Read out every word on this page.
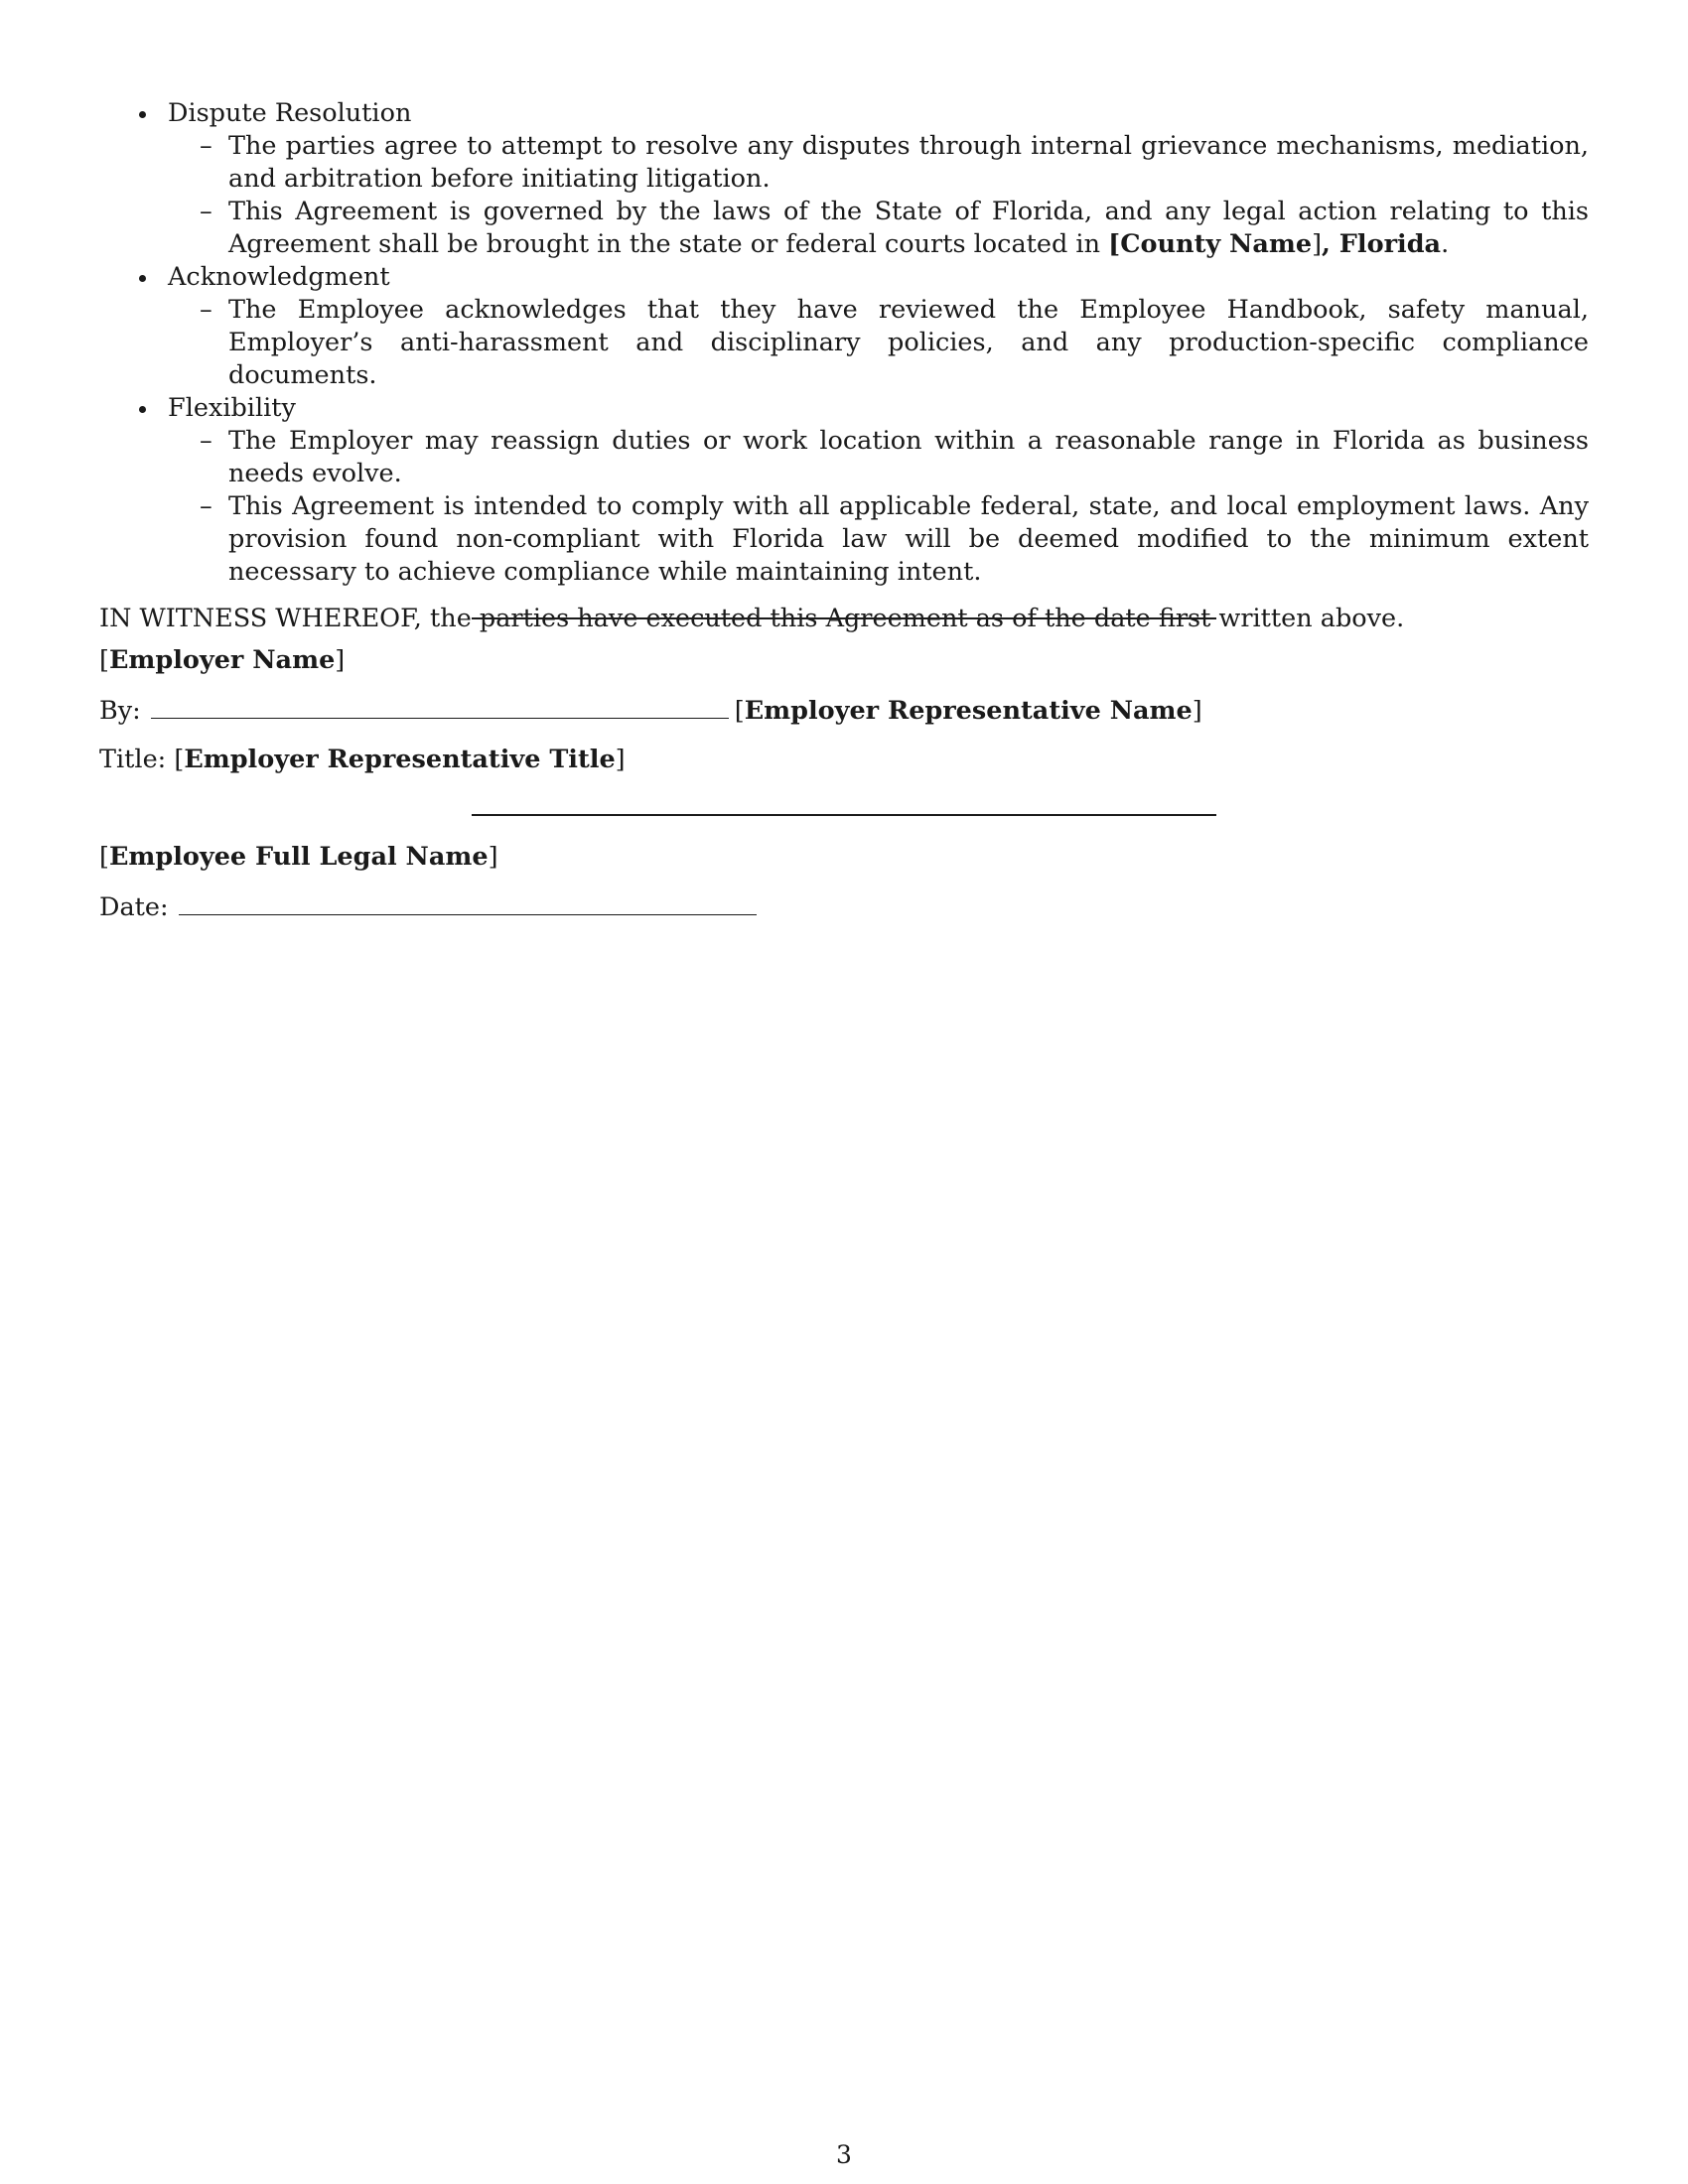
Dispute Resolution
– The parties agree to attempt to resolve any disputes through internal grievance mechanisms, mediation, and arbitration before initiating litigation.
– This Agreement is governed by the laws of the State of Florida, and any legal action relating to this Agreement shall be brought in the state or federal courts located in [County Name], Florida.
Acknowledgment
– The Employee acknowledges that they have reviewed the Employee Handbook, safety manual, Employer’s anti-harassment and disciplinary policies, and any production-specific compliance documents.
Flexibility
– The Employer may reassign duties or work location within a reasonable range in Florida as business needs evolve.
– This Agreement is intended to comply with all applicable federal, state, and local employment laws. Any provision found non-compliant with Florida law will be deemed modified to the minimum extent necessary to achieve compliance while maintaining intent.
IN WITNESS WHEREOF, the parties have executed this Agreement as of the date first written above.
[Employer Name]
By:	[Employer Representative Name]
Title: [Employer Representative Title]
[Employee Full Legal Name]
Date:
3
